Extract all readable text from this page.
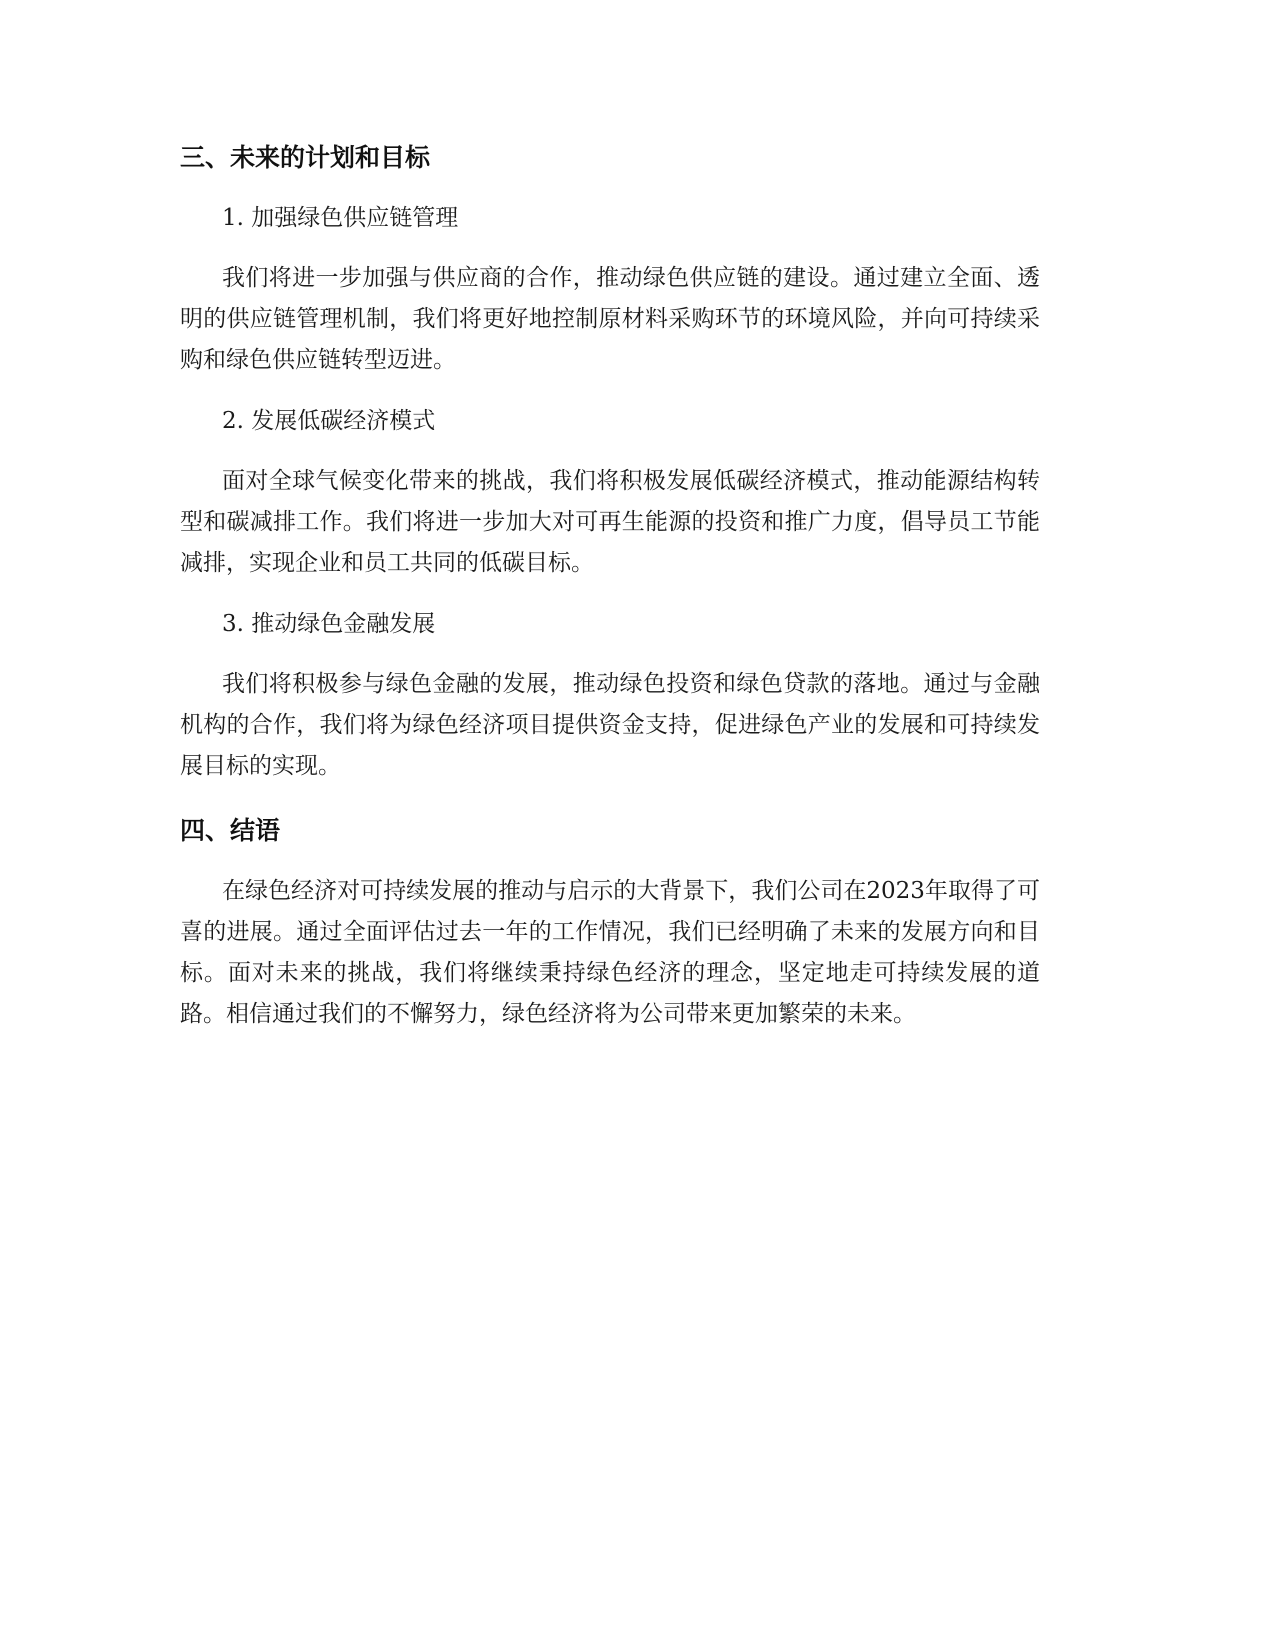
三、未来的计划和目标
1. 加强绿色供应链管理

我们将进一步加强与供应商的合作，推动绿色供应链的建设。通过建立全面、透明的供应链管理机制，我们将更好地控制原材料采购环节的环境风险，并向可持续采购和绿色供应链转型迈进。

2. 发展低碳经济模式

面对全球气候变化带来的挑战，我们将积极发展低碳经济模式，推动能源结构转型和碳减排工作。我们将进一步加大对可再生能源的投资和推广力度，倡导员工节能减排，实现企业和员工共同的低碳目标。

3. 推动绿色金融发展

我们将积极参与绿色金融的发展，推动绿色投资和绿色贷款的落地。通过与金融机构的合作，我们将为绿色经济项目提供资金支持，促进绿色产业的发展和可持续发展目标的实现。

四、结语

在绿色经济对可持续发展的推动与启示的大背景下，我们公司在2023年取得了可喜的进展。通过全面评估过去一年的工作情况，我们已经明确了未来的发展方向和目标。面对未来的挑战，我们将继续秉持绿色经济的理念，坚定地走可持续发展的道路。相信通过我们的不懈努力，绿色经济将为公司带来更加繁荣的未来。
